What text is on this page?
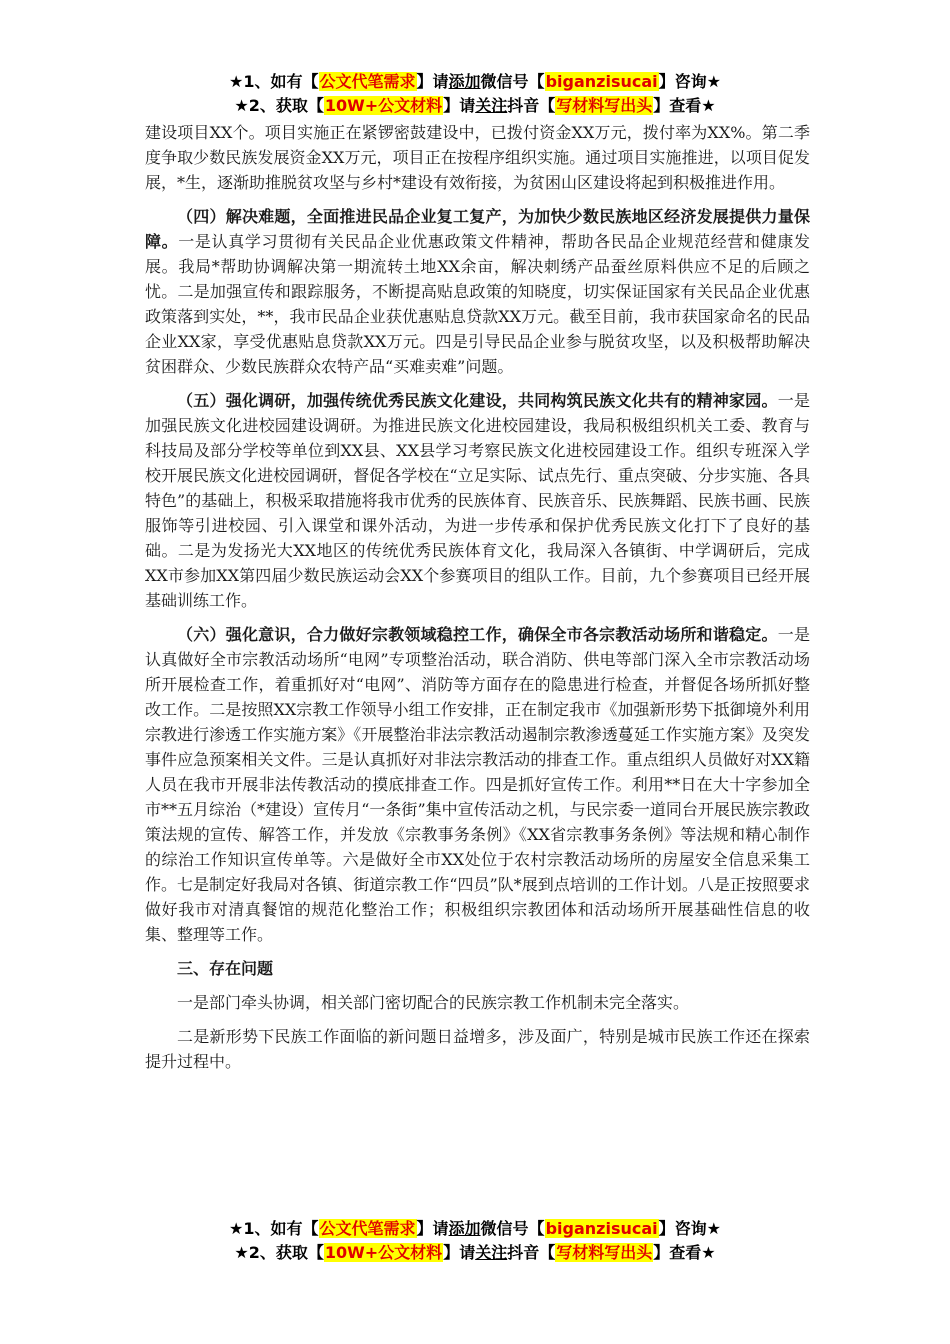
★1、如有【公文代笔需求】请添加微信号【biganzisucai】咨询★
★2、获取【10W+公文材料】请关注抖音【写材料写出头】查看★

建设项目XX个。项目实施正在紧锣密鼓建设中，已拨付资金XX万元，拨付率为XX%。第二季度争取少数民族发展资金XX万元，项目正在按程序组织实施。通过项目实施推进，以项目促发展，*生，逐渐助推脱贫攻坚与乡村*建设有效衔接，为贫困山区建设将起到积极推进作用。

（四）解决难题，全面推进民品企业复工复产，为加快少数民族地区经济发展提供力量保障。一是认真学习贯彻有关民品企业优惠政策文件精神，帮助各民品企业规范经营和健康发展。我局*帮助协调解决第一期流转土地XX余亩，解决刺绣产品蚕丝原料供应不足的后顾之忧。二是加强宣传和跟踪服务，不断提高贴息政策的知晓度，切实保证国家有关民品企业优惠政策落到实处，**，我市民品企业获优惠贴息贷款XX万元。截至目前，我市获国家命名的民品企业XX家，享受优惠贴息贷款XX万元。四是引导民品企业参与脱贫攻坚，以及积极帮助解决贫困群众、少数民族群众农特产品“买难卖难”问题。

（五）强化调研，加强传统优秀民族文化建设，共同构筑民族文化共有的精神家园。一是加强民族文化进校园建设调研。为推进民族文化进校园建设，我局积极组织机关工委、教育与科技局及部分学校等单位到XX县、XX县学习考察民族文化进校园建设工作。组织专班深入学校开展民族文化进校园调研，督促各学校在“立足实际、试点先行、重点突破、分步实施、各具特色”的基础上，积极采取措施将我市优秀的民族体育、民族音乐、民族舞蹈、民族书画、民族服饰等引进校园、引入课堂和课外活动，为进一步传承和保护优秀民族文化打下了良好的基础。二是为发扬光大XX地区的传统优秀民族体育文化，我局深入各镇街、中学调研后，完成XX市参加XX第四届少数民族运动会XX个参赛项目的组队工作。目前，九个参赛项目已经开展基础训练工作。

（六）强化意识，合力做好宗教领域稳控工作，确保全市各宗教活动场所和谐稳定。一是认真做好全市宗教活动场所“电网”专项整治活动，联合消防、供电等部门深入全市宗教活动场所开展检查工作，着重抓好对“电网”、消防等方面存在的隐患进行检查，并督促各场所抓好整改工作。二是按照XX宗教工作领导小组工作安排，正在制定我市《加强新形势下抵御境外利用宗教进行渗透工作实施方案》《开展整治非法宗教活动遏制宗教渗透蔓延工作实施方案》及突发事件应急预案相关文件。三是认真抓好对非法宗教活动的排查工作。重点组织人员做好对XX籍人员在我市开展非法传教活动的摸底排查工作。四是抓好宣传工作。利用**日在大十字参加全市**五月综治（*建设）宣传月“一条街”集中宣传活动之机，与民宗委一道同台开展民族宗教政策法规的宣传、解答工作，并发放《宗教事务条例》《XX省宗教事务条例》等法规和精心制作的综治工作知识宣传单等。六是做好全市XX处位于农村宗教活动场所的房屋安全信息采集工作。七是制定好我局对各镇、街道宗教工作“四员”队*展到点培训的工作计划。八是正按照要求做好我市对清真餐馆的规范化整治工作；积极组织宗教团体和活动场所开展基础性信息的收集、整理等工作。

三、存在问题

一是部门牵头协调，相关部门密切配合的民族宗教工作机制未完全落实。

二是新形势下民族工作面临的新问题日益增多，涉及面广，特别是城市民族工作还在探索提升过程中。

★1、如有【公文代笔需求】请添加微信号【biganzisucai】咨询★
★2、获取【10W+公文材料】请关注抖音【写材料写出头】查看★
